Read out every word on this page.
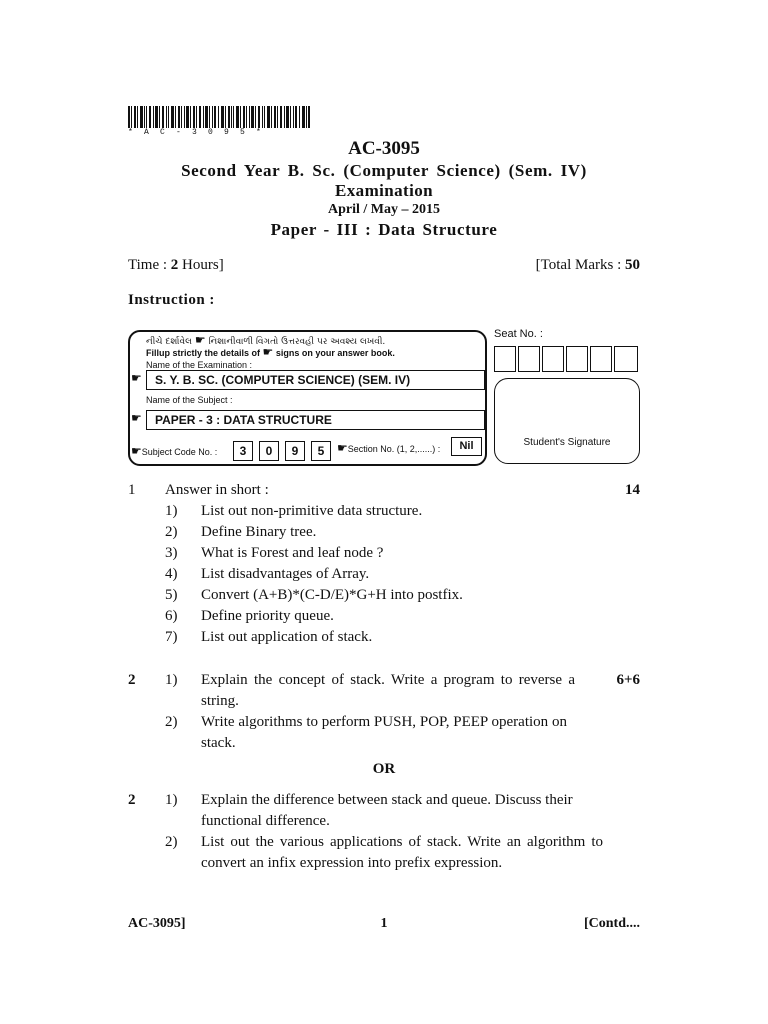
* A C - 3 0 9 5 *
AC-3095
Second Year B. Sc. (Computer Science) (Sem. IV)
Examination
April / May – 2015
Paper - III : Data Structure
Time : 2 Hours]	[Total Marks : 50
Instruction :
નીચે દર્શાવેલ ☛ નિશાનીવાળી વિગતો ઉત્તરવહી પર અવશ્ય લખવી.
Fillup strictly the details of ☛ signs on your answer book.
Name of the Examination :
☛	S. Y. B. SC. (COMPUTER SCIENCE) (SEM. IV)
Name of the Subject :
☛	PAPER - 3 : DATA STRUCTURE
☛Subject Code No. :	3	0	9	5	☛Section No. (1, 2,......) :	Nil
Seat No. :
Student's Signature
1 Answer in short :	14
1) List out non-primitive data structure.
2) Define Binary tree.
3) What is Forest and leaf node ?
4) List disadvantages of Array.
5) Convert (A+B)*(C-D/E)*G+H into postfix.
6) Define priority queue.
7) List out application of stack.
2	6+6
1) Explain the concept of stack. Write a program to reverse a string.
2) Write algorithms to perform PUSH, POP, PEEP operation on stack.
OR
2 1) Explain the difference between stack and queue. Discuss their functional difference.
2) List out the various applications of stack. Write an algorithm to convert an infix expression into prefix expression.
AC-3095]	1	[Contd....
